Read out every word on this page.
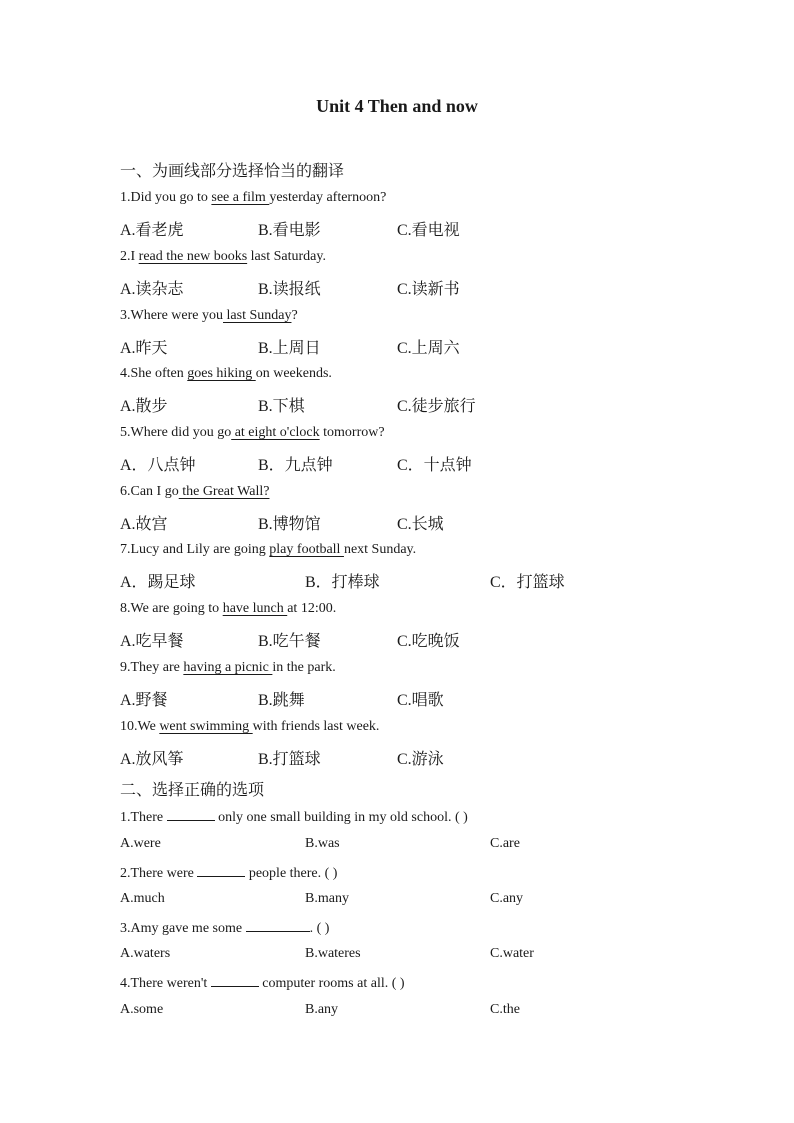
Unit 4 Then and now
一、为画线部分选择恰当的翻译
1.Did you go to see a film yesterday afternoon?
A.看老虎	B.看电影	C.看电视
2.I read the new books last Saturday.
A.读杂志	B.读报纸	C.读新书
3.Where were you last Sunday?
A.昨天	B.上周日	C.上周六
4.She often goes hiking on weekends.
A.散步	B.下棋	C.徒步旅行
5.Where did you go at eight o'clock tomorrow?
A．八点钟	B．九点钟	C．十点钟
6.Can I go the Great Wall?
A.故宫	B.博物馆	C.长城
7.Lucy and Lily are going play football next Sunday.
A．踢足球	B．打棒球	C．打篮球
8.We are going to have lunch at 12:00.
A.吃早餐	B.吃午餐	C.吃晚饭
9.They are having a picnic in the park.
A.野餐	B.跳舞	C.唱歌
10.We went swimming with friends last week.
A.放风筝	B.打篮球	C.游泳
二、选择正确的选项
1.There	only one small building in my old school. ( )
A.were	B.was	C.are
2.There were	people there. ( )
A.much	B.many	C.any
3.Amy gave me some	. ( )
A.waters	B.wateres	C.water
4.There weren't	computer rooms at all. ( )
A.some	B.any	C.the
